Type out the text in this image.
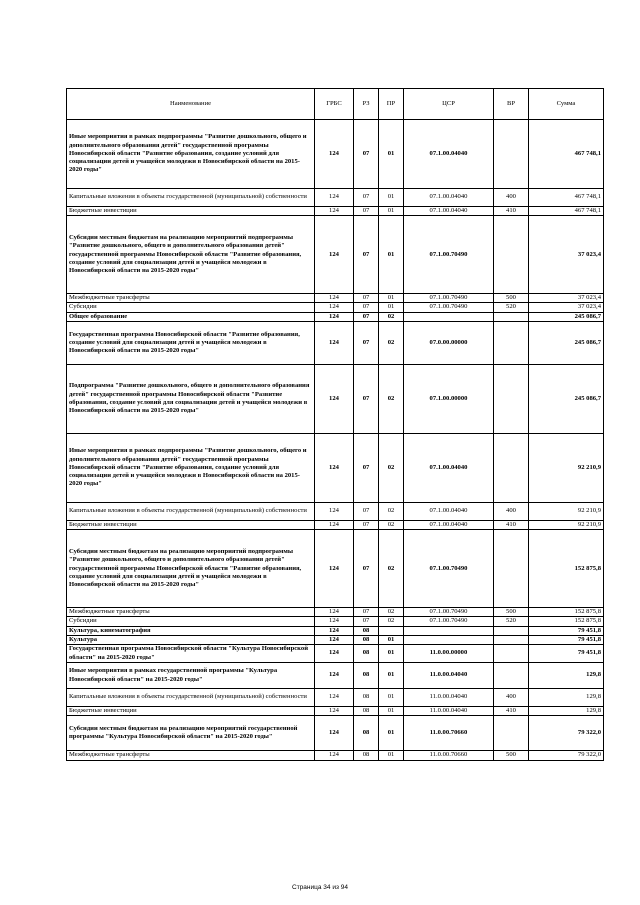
Наименование	ГРБС	РЗ	ПР	ЦСР	ВР	Сумма
Иные мероприятия в рамках подпрограммы "Развитие дошкольного, общего и дополнительного образования детей" государственной программы Новосибирской области "Развитие образования, создание условий для социализации детей и учащейся молодежи в Новосибирской области на 2015-2020 годы"	124	07	01	07.1.00.04040		467 748,1
Капитальные вложения в объекты государственной (муниципальной) собственности	124	07	01	07.1.00.04040	400	467 748,1
Бюджетные инвестиции	124	07	01	07.1.00.04040	410	467 748,1
Субсидии местным бюджетам на реализацию мероприятий подпрограммы "Развитие дошкольного, общего и дополнительного образования детей" государственной программы Новосибирской области "Развитие образования, создание условий для социализации детей и учащейся молодежи в Новосибирской области на 2015-2020 годы"	124	07	01	07.1.00.70490		37 023,4
Межбюджетные трансферты	124	07	01	07.1.00.70490	500	37 023,4
Субсидии	124	07	01	07.1.00.70490	520	37 023,4
Общее образование	124	07	02			245 086,7
Государственная программа Новосибирской области "Развитие образования, создание условий для социализации детей и учащейся молодежи в Новосибирской области на 2015-2020 годы"	124	07	02	07.0.00.00000		245 086,7
Подпрограмма "Развитие дошкольного, общего и дополнительного образования детей" государственной программы Новосибирской области "Развитие образования, создание условий для социализации детей и учащейся молодежи в Новосибирской области на 2015-2020 годы"	124	07	02	07.1.00.00000		245 086,7
Иные мероприятия в рамках подпрограммы "Развитие дошкольного, общего и дополнительного образования детей" государственной программы Новосибирской области "Развитие образования, создание условий для социализации детей и учащейся молодежи в Новосибирской области на 2015-2020 годы"	124	07	02	07.1.00.04040		92 210,9
Капитальные вложения в объекты государственной (муниципальной) собственности	124	07	02	07.1.00.04040	400	92 210,9
Бюджетные инвестиции	124	07	02	07.1.00.04040	410	92 210,9
Субсидии местным бюджетам на реализацию мероприятий подпрограммы "Развитие дошкольного, общего и дополнительного образования детей" государственной программы Новосибирской области "Развитие образования, создание условий для социализации детей и учащейся молодежи в Новосибирской области на 2015-2020 годы"	124	07	02	07.1.00.70490		152 875,8
Межбюджетные трансферты	124	07	02	07.1.00.70490	500	152 875,8
Субсидии	124	07	02	07.1.00.70490	520	152 875,8
Культура, кинематография	124	08				79 451,8
Культура	124	08	01			79 451,8
Государственная программа Новосибирской области "Культура Новосибирской области" на 2015-2020 годы"	124	08	01	11.0.00.00000		79 451,8
Иные мероприятия в рамках государственной программы "Культура Новосибирской области" на 2015-2020 годы"	124	08	01	11.0.00.04040		129,8
Капитальные вложения в объекты государственной (муниципальной) собственности	124	08	01	11.0.00.04040	400	129,8
Бюджетные инвестиции	124	08	01	11.0.00.04040	410	129,8
Субсидии местным бюджетам на реализацию мероприятий государственной программы "Культура Новосибирской области" на 2015-2020 годы"	124	08	01	11.0.00.70660		79 322,0
Межбюджетные трансферты	124	08	01	11.0.00.70660	500	79 322,0
Страница 34 из 94
